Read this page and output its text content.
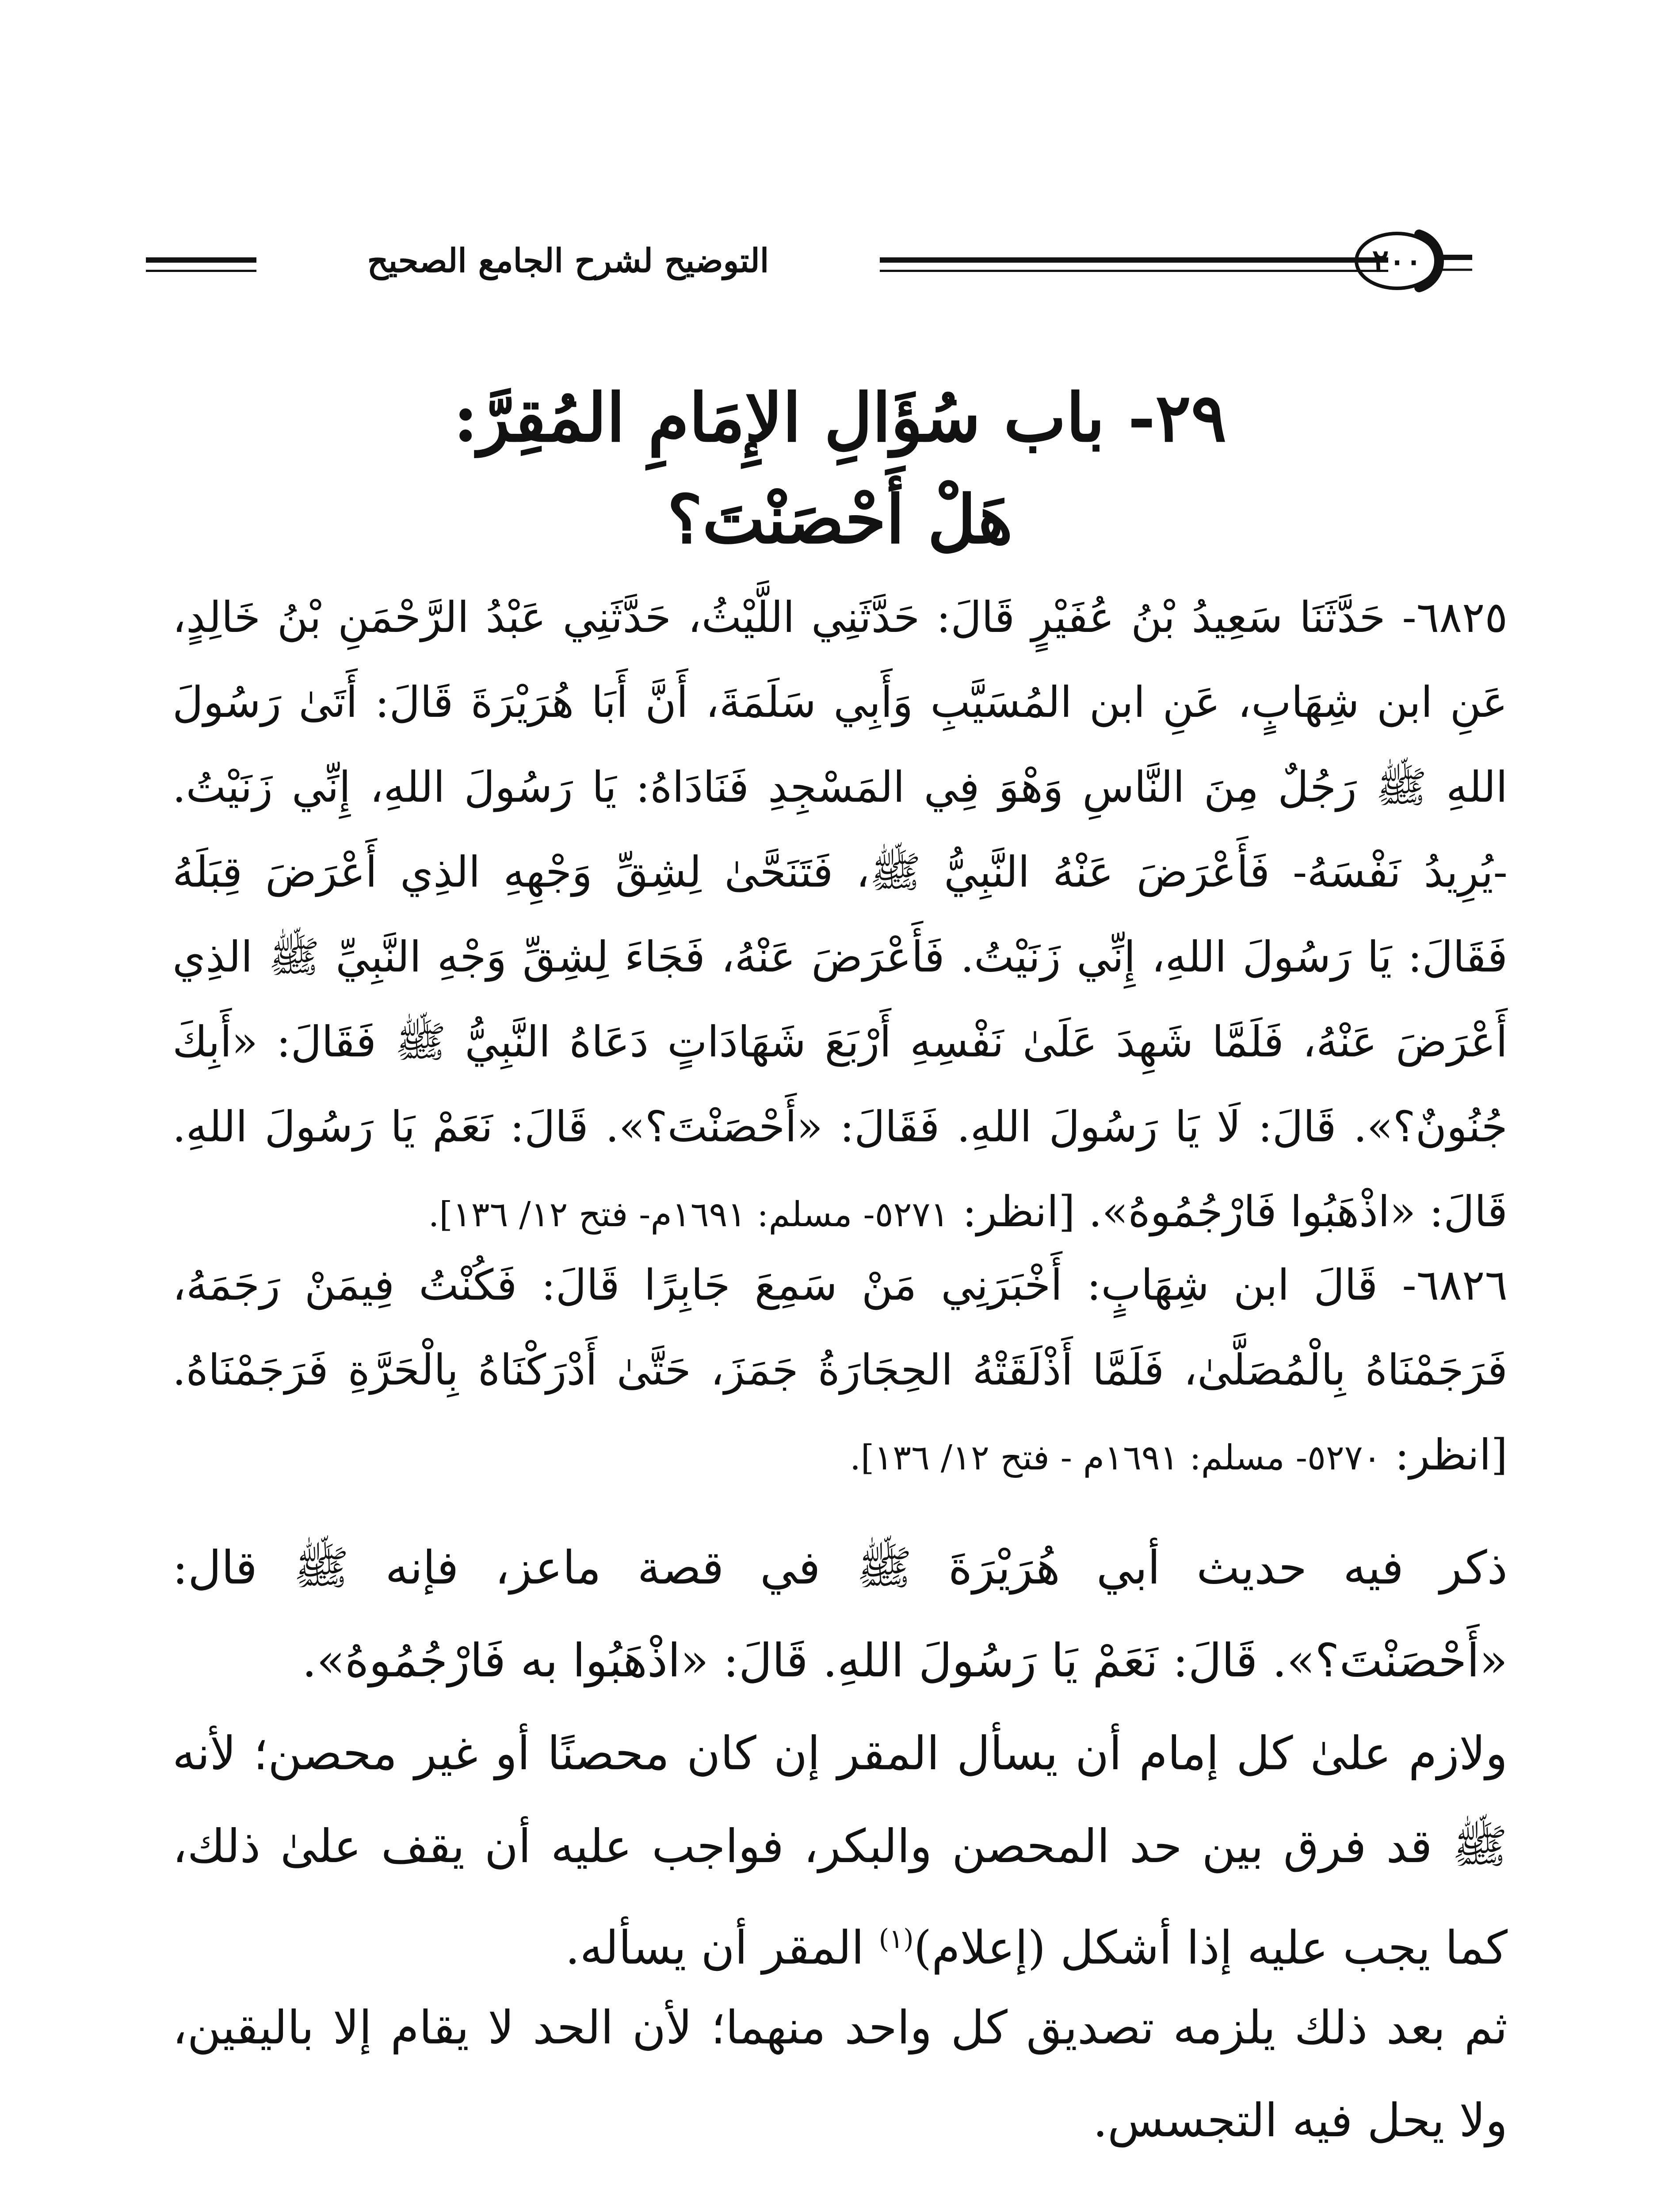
التوضيح لشرح الجامع الصحيح	٢٠٠
٢٩- باب سُؤَالِ الإِمَامِ المُقِرَّ:
هَلْ أَحْصَنْتَ؟
٦٨٢٥- حَدَّثَنَا سَعِيدُ بْنُ عُفَيْرٍ قَالَ: حَدَّثَنِي اللَّيْثُ، حَدَّثَنِي عَبْدُ الرَّحْمَنِ بْنُ خَالِدٍ، عَنِ ابن شِهَابٍ، عَنِ ابن المُسَيَّبِ وَأَبِي سَلَمَةَ، أَنَّ أَبَا هُرَيْرَةَ قَالَ: أَتَىٰ رَسُولَ اللهِ ﷺ رَجُلٌ مِنَ النَّاسِ وَهْوَ فِي المَسْجِدِ فَنَادَاهُ: يَا رَسُولَ اللهِ، إِنِّي زَنَيْتُ. -يُرِيدُ نَفْسَهُ- فَأَعْرَضَ عَنْهُ النَّبِيُّ ﷺ، فَتَنَحَّىٰ لِشِقِّ وَجْهِهِ الذِي أَعْرَضَ قِبَلَهُ فَقَالَ: يَا رَسُولَ اللهِ، إِنِّي زَنَيْتُ. فَأَعْرَضَ عَنْهُ، فَجَاءَ لِشِقِّ وَجْهِ النَّبِيِّ ﷺ الذِي أَعْرَضَ عَنْهُ، فَلَمَّا شَهِدَ عَلَىٰ نَفْسِهِ أَرْبَعَ شَهَادَاتٍ دَعَاهُ النَّبِيُّ ﷺ فَقَالَ: «أَبِكَ جُنُونٌ؟». قَالَ: لَا يَا رَسُولَ اللهِ. فَقَالَ: «أَحْصَنْتَ؟». قَالَ: نَعَمْ يَا رَسُولَ اللهِ. قَالَ: «اذْهَبُوا فَارْجُمُوهُ». [انظر: ٥٢٧١- مسلم: ١٦٩١م- فتح ١٢/ ١٣٦].
٦٨٢٦- قَالَ ابن شِهَابٍ: أَخْبَرَنِي مَنْ سَمِعَ جَابِرًا قَالَ: فَكُنْتُ فِيمَنْ رَجَمَهُ، فَرَجَمْنَاهُ بِالْمُصَلَّىٰ، فَلَمَّا أَذْلَقَتْهُ الحِجَارَةُ جَمَزَ، حَتَّىٰ أَدْرَكْنَاهُ بِالْحَرَّةِ فَرَجَمْنَاهُ. [انظر: ٥٢٧٠- مسلم: ١٦٩١م - فتح ١٢/ ١٣٦].
ذكر فيه حديث أبي هُرَيْرَةَ ﷺ في قصة ماعز، فإنه ﷺ قال: «أَحْصَنْتَ؟». قَالَ: نَعَمْ يَا رَسُولَ اللهِ. قَالَ: «اذْهَبُوا به فَارْجُمُوهُ».
ولازم علىٰ كل إمام أن يسأل المقر إن كان محصنًا أو غير محصن؛ لأنه ﷺ قد فرق بين حد المحصن والبكر، فواجب عليه أن يقف علىٰ ذلك، كما يجب عليه إذا أشكل (إعلام)$^{(١)}$ المقر أن يسأله.
ثم بعد ذلك يلزمه تصديق كل واحد منهما؛ لأن الحد لا يقام إلا باليقين، ولا يحل فيه التجسس.
